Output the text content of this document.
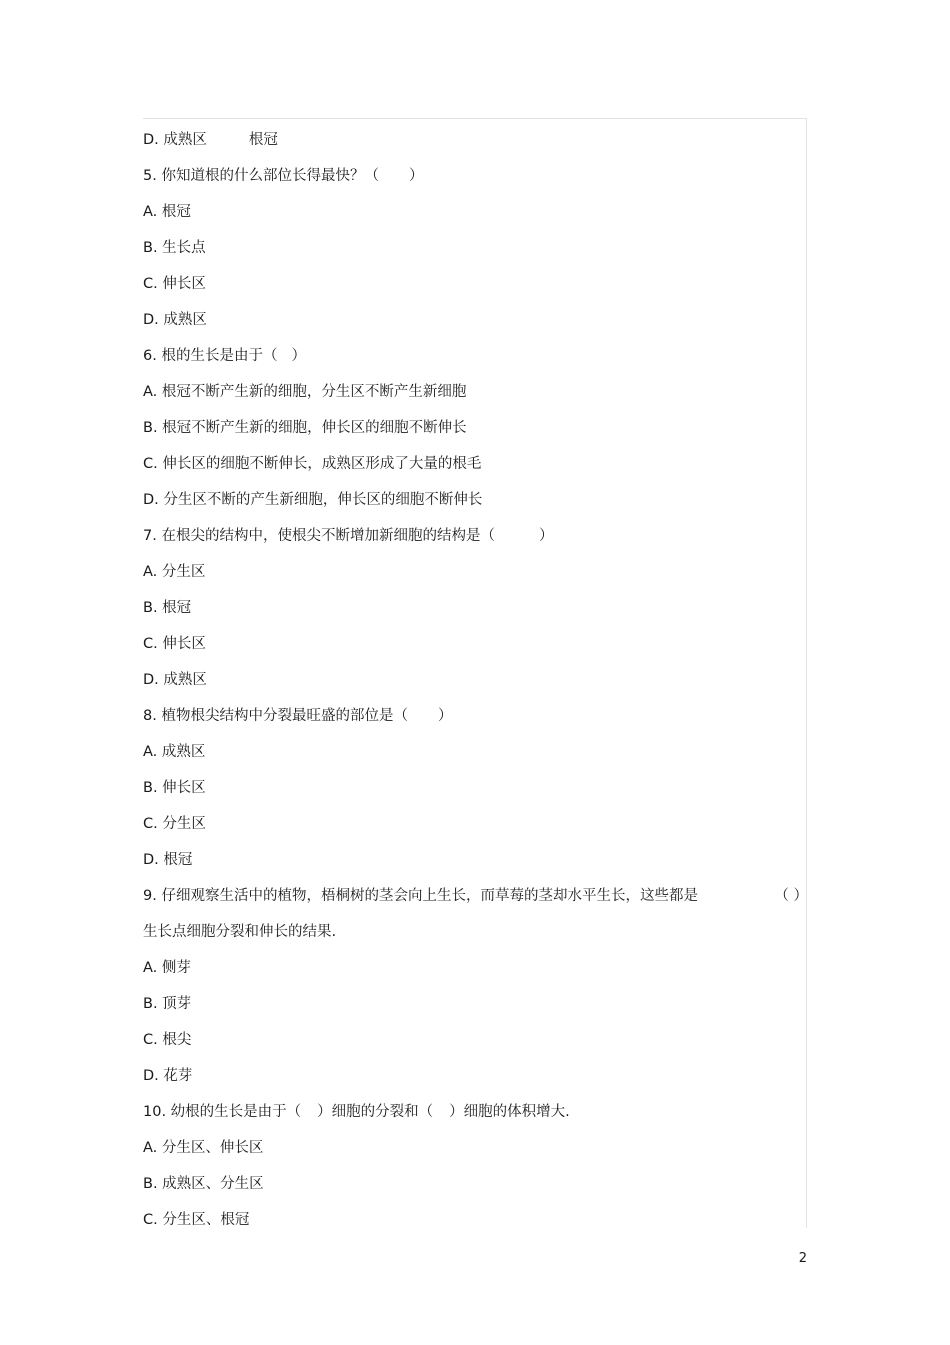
D. 成熟区	根冠
5. 你知道根的什么部位长得最快？（ ）
A. 根冠
B. 生长点
C. 伸长区
D. 成熟区
6. 根的生长是由于（ ）
A. 根冠不断产生新的细胞，分生区不断产生新细胞
B. 根冠不断产生新的细胞，伸长区的细胞不断伸长
C. 伸长区的细胞不断伸长，成熟区形成了大量的根毛
D. 分生区不断的产生新细胞，伸长区的细胞不断伸长
7. 在根尖的结构中，使根尖不断增加新细胞的结构是（	）
A. 分生区
B. 根冠
C. 伸长区
D. 成熟区
8. 植物根尖结构中分裂最旺盛的部位是（ ）
A. 成熟区
B. 伸长区
C. 分生区
D. 根冠
9. 仔细观察生活中的植物，梧桐树的茎会向上生长，而草莓的茎却水平生长，这些都是	（ ）
生长点细胞分裂和伸长的结果.
A. 侧芽
B. 顶芽
C. 根尖
D. 花芽
10. 幼根的生长是由于（ ）细胞的分裂和（ ）细胞的体积增大.
A. 分生区、伸长区
B. 成熟区、分生区
C. 分生区、根冠
2
